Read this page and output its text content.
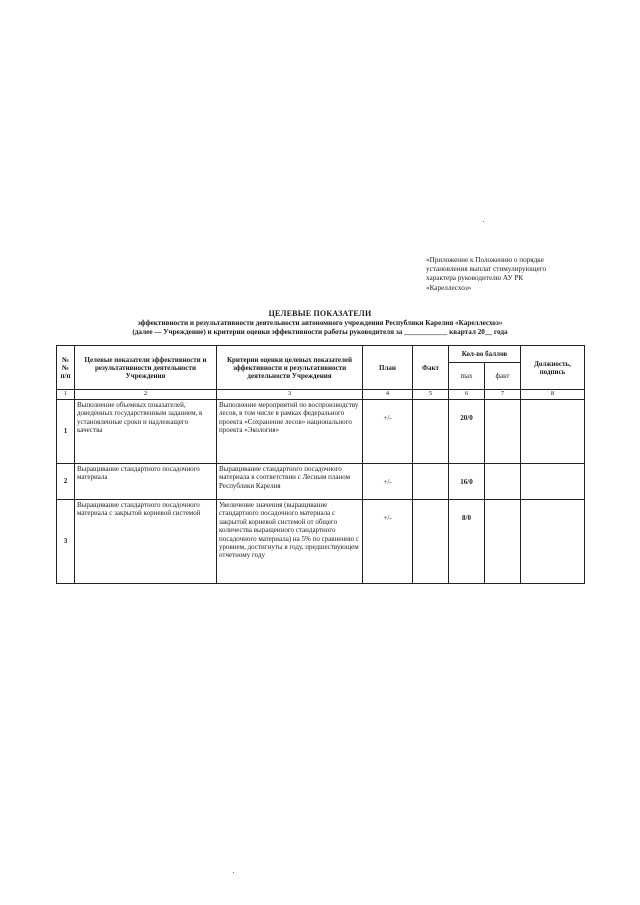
«Приложение к Положению о порядке
установления выплат стимулирующего
характера руководителю АУ РК
«Кареллесхоз»
ЦЕЛЕВЫЕ ПОКАЗАТЕЛИ
эффективности и результативности деятельности автономного учреждения Республики Карелия «Кареллесхоз»
(далее — Учреждение) и критерии оценки эффективности работы руководителя за ____________ квартал 20__ года
№№ п/п	Целевые показатели эффективности и результативности деятельности Учреждения	Критерии оценки целевых показателей эффективности и результативности деятельности Учреждения	План	Факт	Кол-во баллов		Должность, подпись
					max	факт	
1	2	3	4	5	6	7	8
1	Выполнение объемных показателей, доведенных государственным заданием, в установленные сроки и надлежащего качества	Выполнение мероприятий по воспроизводству лесов, в том числе в рамках федерального проекта «Сохранение лесов» национального проекта «Экология»	+/-		20/0		
2	Выращивание стандартного посадочного материала	Выращивание стандартного посадочного материала в соответствии с Лесным планом Республики Карелия	+/-		16/0		
3	Выращивание стандартного посадочного материала с закрытой корневой системой	Увеличение значения (выращивание стандартного посадочного материала с закрытой корневой системой от общего количества выращенного стандартного посадочного материала) на 5% по сравнению с уровнем, достигнуты в году, предшествующем отчетному году	+/-		8/0		
